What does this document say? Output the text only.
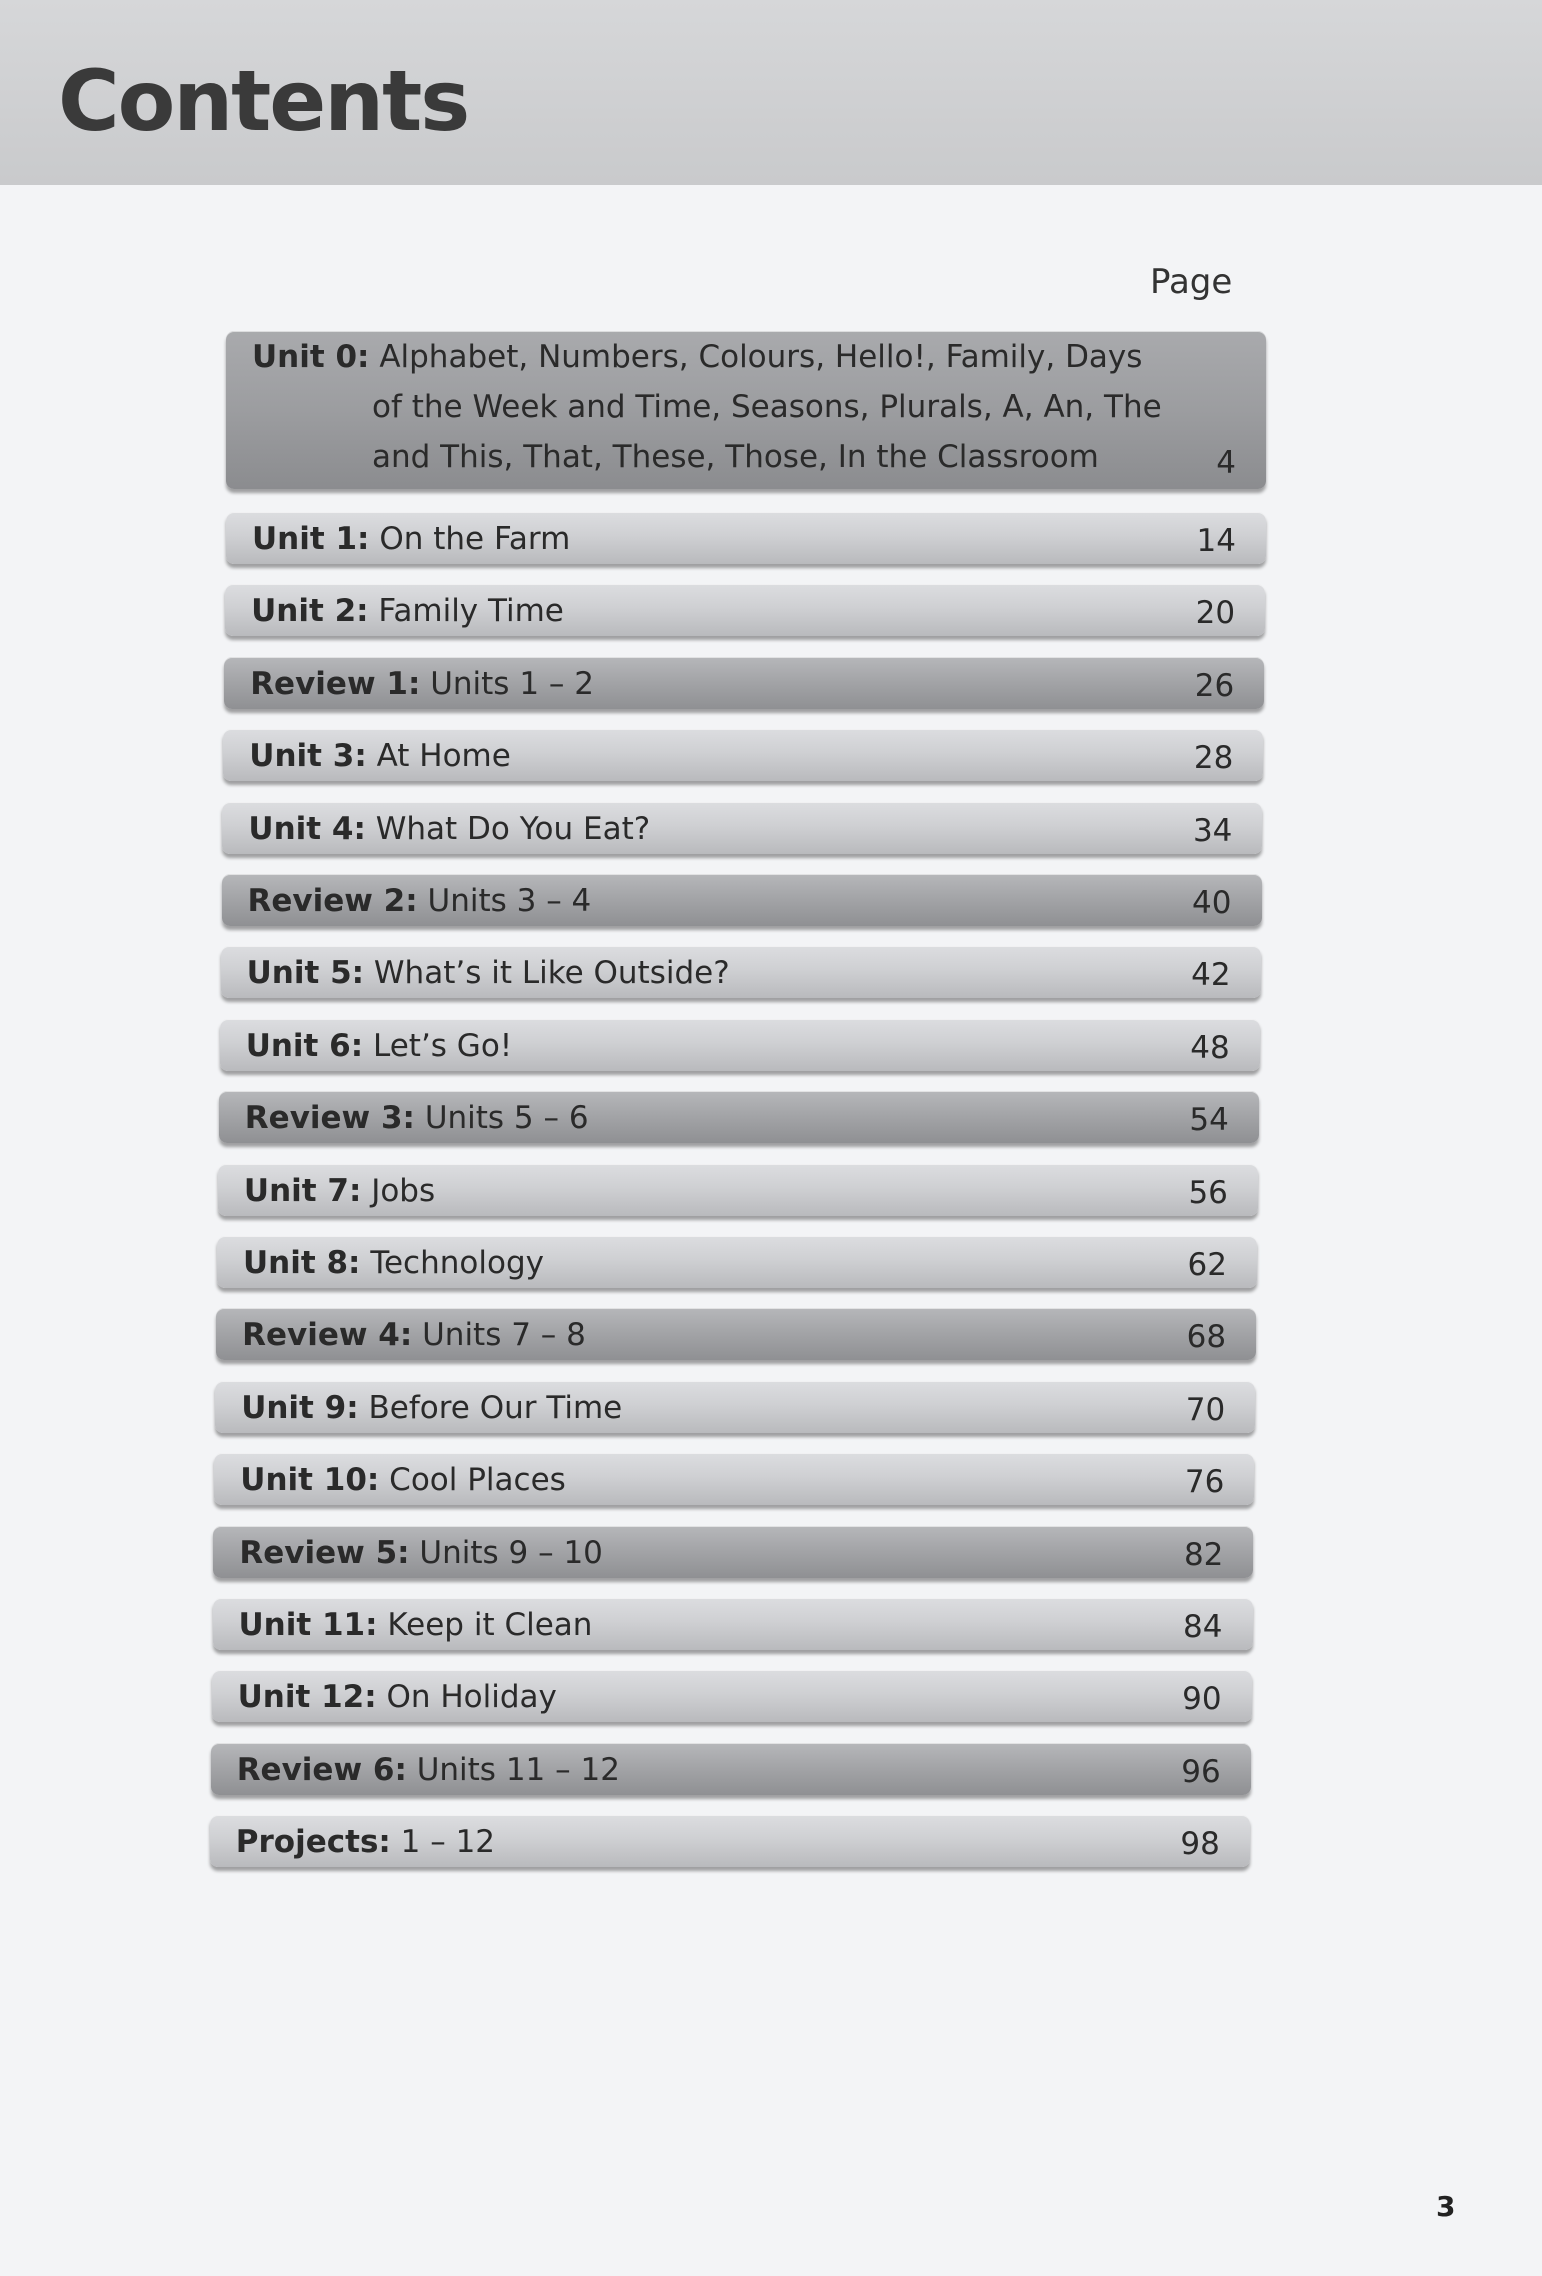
Contents
Page
Unit 0: Alphabet, Numbers, Colours, Hello!, Family, Days
of the Week and Time, Seasons, Plurals, A, An, The
and This, That, These, Those, In the Classroom	4
Unit 1: On the Farm	14
Unit 2: Family Time	20
Review 1: Units 1 – 2	26
Unit 3: At Home	28
Unit 4: What Do You Eat?	34
Review 2: Units 3 – 4	40
Unit 5: What’s it Like Outside?	42
Unit 6: Let’s Go!	48
Review 3: Units 5 – 6	54
Unit 7: Jobs	56
Unit 8: Technology	62
Review 4: Units 7 – 8	68
Unit 9: Before Our Time	70
Unit 10: Cool Places	76
Review 5: Units 9 – 10	82
Unit 11: Keep it Clean	84
Unit 12: On Holiday	90
Review 6: Units 11 – 12	96
Projects: 1 – 12	98
3
